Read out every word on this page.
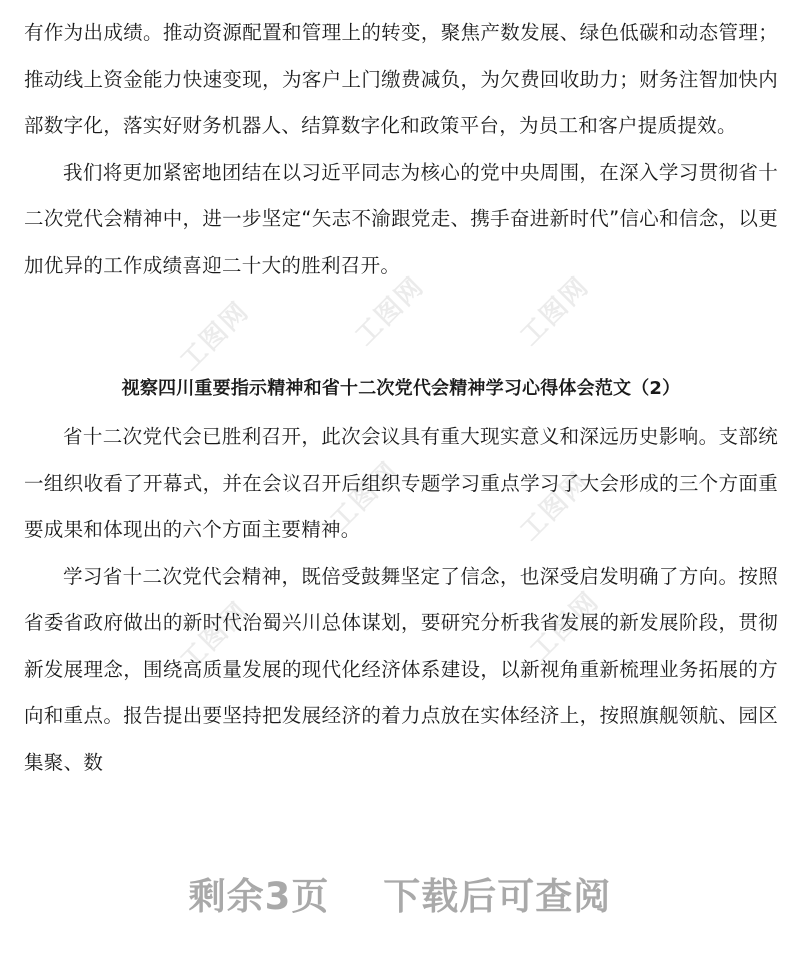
工图网	工图网	工图网
工图网	工图网
工图网	工图网

有作为出成绩。推动资源配置和管理上的转变，聚焦产数发展、绿色低碳和动态管理；推动线上资金能力快速变现，为客户上门缴费减负，为欠费回收助力；财务注智加快内部数字化，落实好财务机器人、结算数字化和政策平台，为员工和客户提质提效。

我们将更加紧密地团结在以习近平同志为核心的党中央周围，在深入学习贯彻省十二次党代会精神中，进一步坚定“矢志不渝跟党走、携手奋进新时代”信心和信念，以更加优异的工作成绩喜迎二十大的胜利召开。

视察四川重要指示精神和省十二次党代会精神学习心得体会范文（2）

省十二次党代会已胜利召开，此次会议具有重大现实意义和深远历史影响。支部统一组织收看了开幕式，并在会议召开后组织专题学习重点学习了大会形成的三个方面重要成果和体现出的六个方面主要精神。

学习省十二次党代会精神，既倍受鼓舞坚定了信念，也深受启发明确了方向。按照省委省政府做出的新时代治蜀兴川总体谋划，要研究分析我省发展的新发展阶段，贯彻新发展理念，围绕高质量发展的现代化经济体系建设，以新视角重新梳理业务拓展的方向和重点。报告提出要坚持把发展经济的着力点放在实体经济上，按照旗舰领航、园区集聚、数

剩余3页 下载后可查阅
